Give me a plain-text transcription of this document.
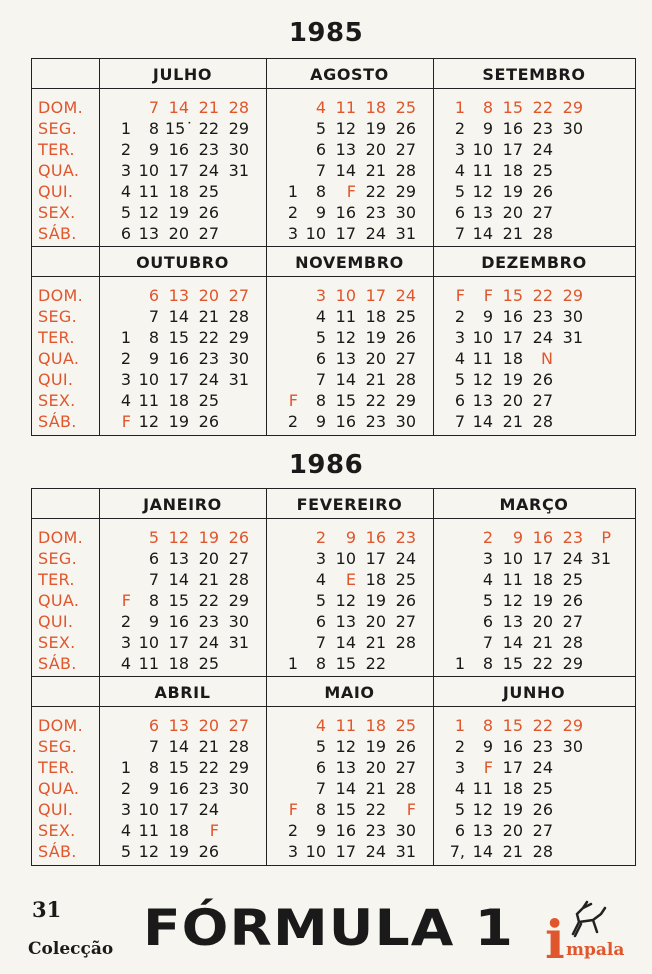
1985
DOM.
SEG.
TER.
QUA.
QUI.
SEX.
SÁB.
JULHO
1
2
3
4
5
6
7
8
9
10
11
12
13
14
15˙
16
17
18
19
20
21
22
23
24
25
26
27
28
29
30
31
AGOSTO
1
2
3
4
5
6
7
8
9
10
11
12
13
14
F
16
17
18
19
20
21
22
23
24
25
26
27
28
29
30
31
SETEMBRO
1
2
3
4
5
6
7
8
9
10
11
12
13
14
15
16
17
18
19
20
21
22
23
24
25
26
27
28
29
30
DOM.
SEG.
TER.
QUA.
QUI.
SEX.
SÁB.
OUTUBRO
1
2
3
4
F
6
7
8
9
10
11
12
13
14
15
16
17
18
19
20
21
22
23
24
25
26
27
28
29
30
31
NOVEMBRO
F
2
3
4
5
6
7
8
9
10
11
12
13
14
15
16
17
18
19
20
21
22
23
24
25
26
27
28
29
30
DEZEMBRO
F
2
3
4
5
6
7
F
9
10
11
12
13
14
15
16
17
18
19
20
21
22
23
24
N
26
27
28
29
30
31
1986
DOM.
SEG.
TER.
QUA.
QUI.
SEX.
SÁB.
JANEIRO
F
2
3
4
5
6
7
8
9
10
11
12
13
14
15
16
17
18
19
20
21
22
23
24
25
26
27
28
29
30
31
FEVEREIRO
1
2
3
4
5
6
7
8
9
10
E
12
13
14
15
16
17
18
19
20
21
22
23
24
25
26
27
28
MARÇO
1
2
3
4
5
6
7
8
9
10
11
12
13
14
15
16
17
18
19
20
21
22
23
24
25
26
27
28
29
P
31
DOM.
SEG.
TER.
QUA.
QUI.
SEX.
SÁB.
ABRIL
1
2
3
4
5
6
7
8
9
10
11
12
13
14
15
16
17
18
19
20
21
22
23
24
F
26
27
28
29
30
MAIO
F
2
3
4
5
6
7
8
9
10
11
12
13
14
15
16
17
18
19
20
21
22
23
24
25
26
27
28
F
30
31
JUNHO
1
2
3
4
5
6
7,
8
9
F
11
12
13
14
15
16
17
18
19
20
21
22
23
24
25
26
27
28
29
30
31
Colecção FÓRMULA 1 i mpala
